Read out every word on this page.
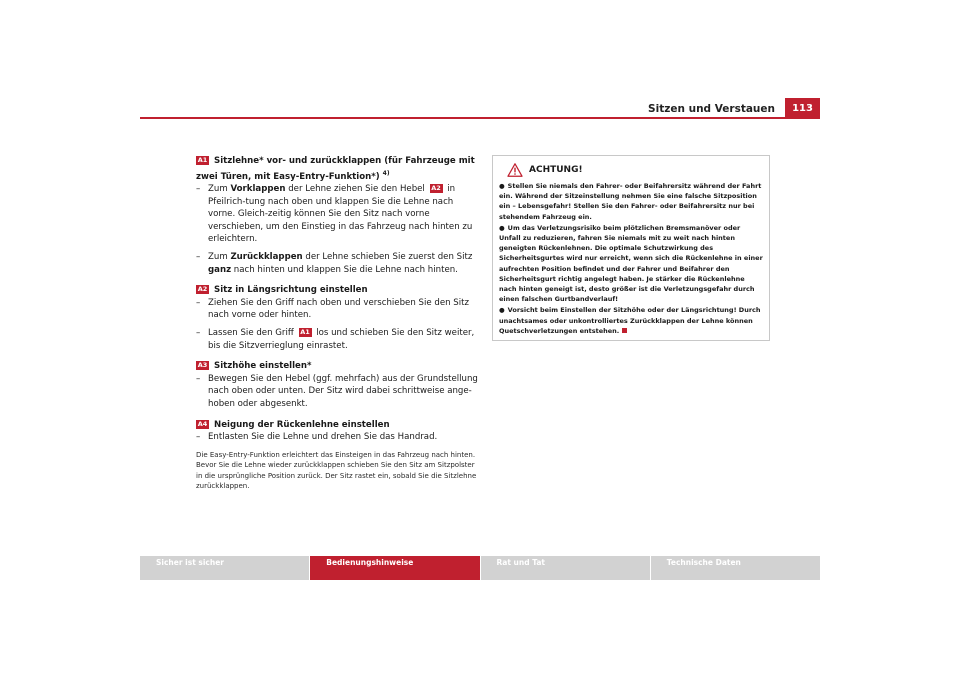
Sitzen und Verstauen	113

A1 Sitzlehne* vor- und zurückklappen (für Fahrzeuge mit zwei Türen, mit Easy-Entry-Funktion*) $^{4)}$

– Zum Vorklappen der Lehne ziehen Sie den Hebel A2 in Pfeilrich-tung nach oben und klappen Sie die Lehne nach vorne. Gleich-zeitig können Sie den Sitz nach vorne verschieben, um den Einstieg in das Fahrzeug nach hinten zu erleichtern.

– Zum Zurückklappen der Lehne schieben Sie zuerst den Sitz ganz nach hinten und klappen Sie die Lehne nach hinten.

A2 Sitz in Längsrichtung einstellen

– Ziehen Sie den Griff nach oben und verschieben Sie den Sitz nach vorne oder hinten.

– Lassen Sie den Griff A1 los und schieben Sie den Sitz weiter, bis die Sitzverrieglung einrastet.

A3 Sitzhöhe einstellen*

– Bewegen Sie den Hebel (ggf. mehrfach) aus der Grundstellung nach oben oder unten. Der Sitz wird dabei schrittweise ange-hoben oder abgesenkt.

A4 Neigung der Rückenlehne einstellen

– Entlasten Sie die Lehne und drehen Sie das Handrad.

Die Easy-Entry-Funktion erleichtert das Einsteigen in das Fahrzeug nach hinten. Bevor Sie die Lehne wieder zurückklappen schieben Sie den Sitz am Sitzpolster in die ursprüngliche Position zurück. Der Sitz rastet ein, sobald Sie die Sitzlehne zurückklappen.

ACHTUNG!

● Stellen Sie niemals den Fahrer- oder Beifahrersitz während der Fahrt ein. Während der Sitzeinstellung nehmen Sie eine falsche Sitzposition ein – Lebensgefahr! Stellen Sie den Fahrer- oder Beifahrersitz nur bei stehendem Fahrzeug ein.

● Um das Verletzungsrisiko beim plötzlichen Bremsmanöver oder Unfall zu reduzieren, fahren Sie niemals mit zu weit nach hinten geneigten Rückenlehnen. Die optimale Schutzwirkung des Sicherheitsgurtes wird nur erreicht, wenn sich die Rückenlehne in einer aufrechten Position befindet und der Fahrer und Beifahrer den Sicherheitsgurt richtig angelegt haben. Je stärker die Rückenlehne nach hinten geneigt ist, desto größer ist die Verletzungsgefahr durch einen falschen Gurtbandverlauf!

● Vorsicht beim Einstellen der Sitzhöhe oder der Längsrichtung! Durch unachtsames oder unkontrolliertes Zurückklappen der Lehne können Quetschverletzungen entstehen.

Sicher ist sicher	Bedienungshinweise	Rat und Tat	Technische Daten
